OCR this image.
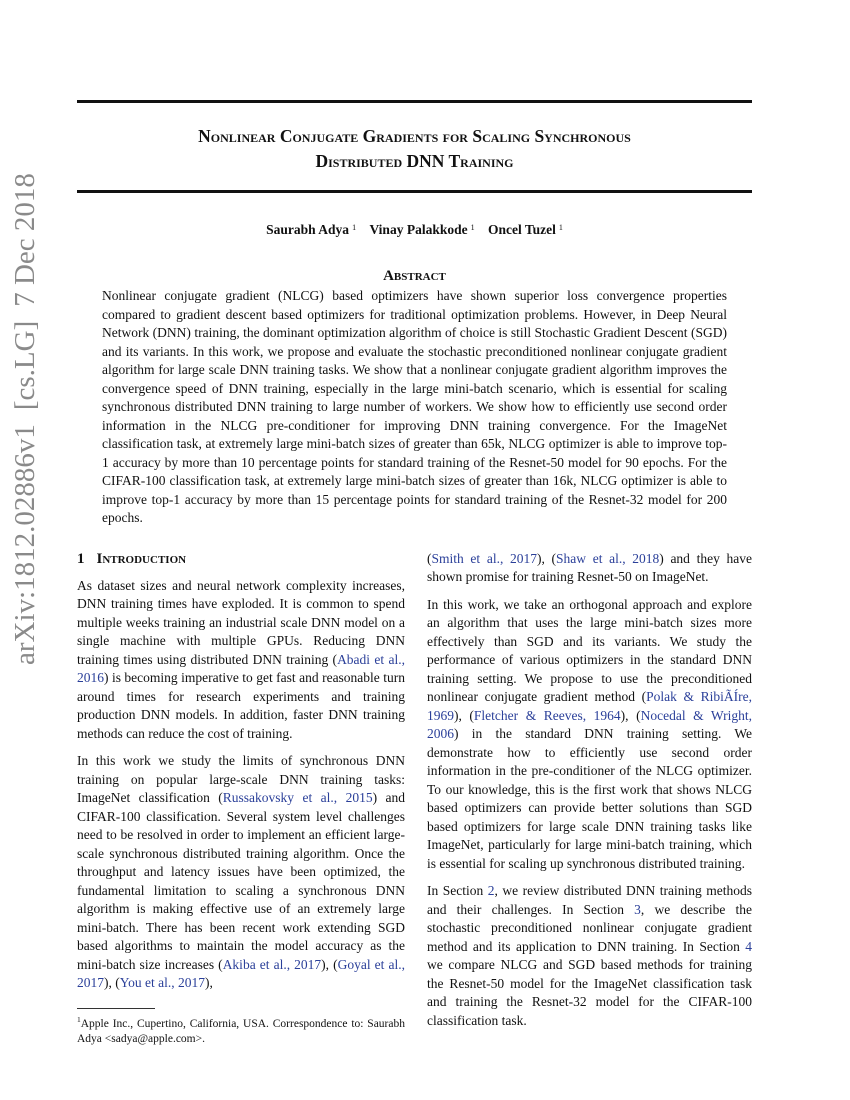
arXiv:1812.02886v1[cs.LG]7 Dec 2018
Nonlinear Conjugate Gradients for Scaling Synchronous
Distributed DNN Training
Saurabh Adya $^1$ Vinay Palakkode $^1$ Oncel Tuzel $^1$
Abstract

Nonlinear conjugate gradient (NLCG) based optimizers have shown superior loss convergence properties compared to gradient descent based optimizers for traditional optimization problems. However, in Deep Neural Network (DNN) training, the dominant optimization algorithm of choice is still Stochastic Gradient Descent (SGD) and its variants. In this work, we propose and evaluate the stochastic preconditioned nonlinear conjugate gradient algorithm for large scale DNN training tasks. We show that a nonlinear conjugate gradient algorithm improves the convergence speed of DNN training, especially in the large mini-batch scenario, which is essential for scaling synchronous distributed DNN training to large number of workers. We show how to efficiently use second order information in the NLCG pre-conditioner for improving DNN training convergence. For the ImageNet classification task, at extremely large mini-batch sizes of greater than 65k, NLCG optimizer is able to improve top-1 accuracy by more than 10 percentage points for standard training of the Resnet-50 model for 90 epochs. For the CIFAR-100 classification task, at extremely large mini-batch sizes of greater than 16k, NLCG optimizer is able to improve top-1 accuracy by more than 15 percentage points for standard training of the Resnet-32 model for 200 epochs.

1 Introduction

As dataset sizes and neural network complexity increases, DNN training times have exploded. It is common to spend multiple weeks training an industrial scale DNN model on a single machine with multiple GPUs. Reducing DNN training times using distributed DNN training (Abadi et al., 2016) is becoming imperative to get fast and reasonable turn around times for research experiments and training production DNN models. In addition, faster DNN training methods can reduce the cost of training.

In this work we study the limits of synchronous DNN training on popular large-scale DNN training tasks: ImageNet classification (Russakovsky et al., 2015) and CIFAR-100 classification. Several system level challenges need to be resolved in order to implement an efficient large-scale synchronous distributed training algorithm. Once the throughput and latency issues have been optimized, the fundamental limitation to scaling a synchronous DNN algorithm is making effective use of an extremely large mini-batch. There has been recent work extending SGD based algorithms to maintain the model accuracy as the mini-batch size increases (Akiba et al., 2017), (Goyal et al., 2017), (You et al., 2017),

$^1$Apple Inc., Cupertino, California, USA. Correspondence to: Saurabh Adya <sadya@apple.com>.

(Smith et al., 2017), (Shaw et al., 2018) and they have shown promise for training Resnet-50 on ImageNet.

In this work, we take an orthogonal approach and explore an algorithm that uses the large mini-batch sizes more effectively than SGD and its variants. We study the performance of various optimizers in the standard DNN training setting. We propose to use the preconditioned nonlinear conjugate gradient method (Polak & RibiÃÍre, 1969), (Fletcher & Reeves, 1964), (Nocedal & Wright, 2006) in the standard DNN training setting. We demonstrate how to efficiently use second order information in the pre-conditioner of the NLCG optimizer. To our knowledge, this is the first work that shows NLCG based optimizers can provide better solutions than SGD based optimizers for large scale DNN training tasks like ImageNet, particularly for large mini-batch training, which is essential for scaling up synchronous distributed training.

In Section 2, we review distributed DNN training methods and their challenges. In Section 3, we describe the stochastic preconditioned nonlinear conjugate gradient method and its application to DNN training. In Section 4 we compare NLCG and SGD based methods for training the Resnet-50 model for the ImageNet classification task and training the Resnet-32 model for the CIFAR-100 classification task.
